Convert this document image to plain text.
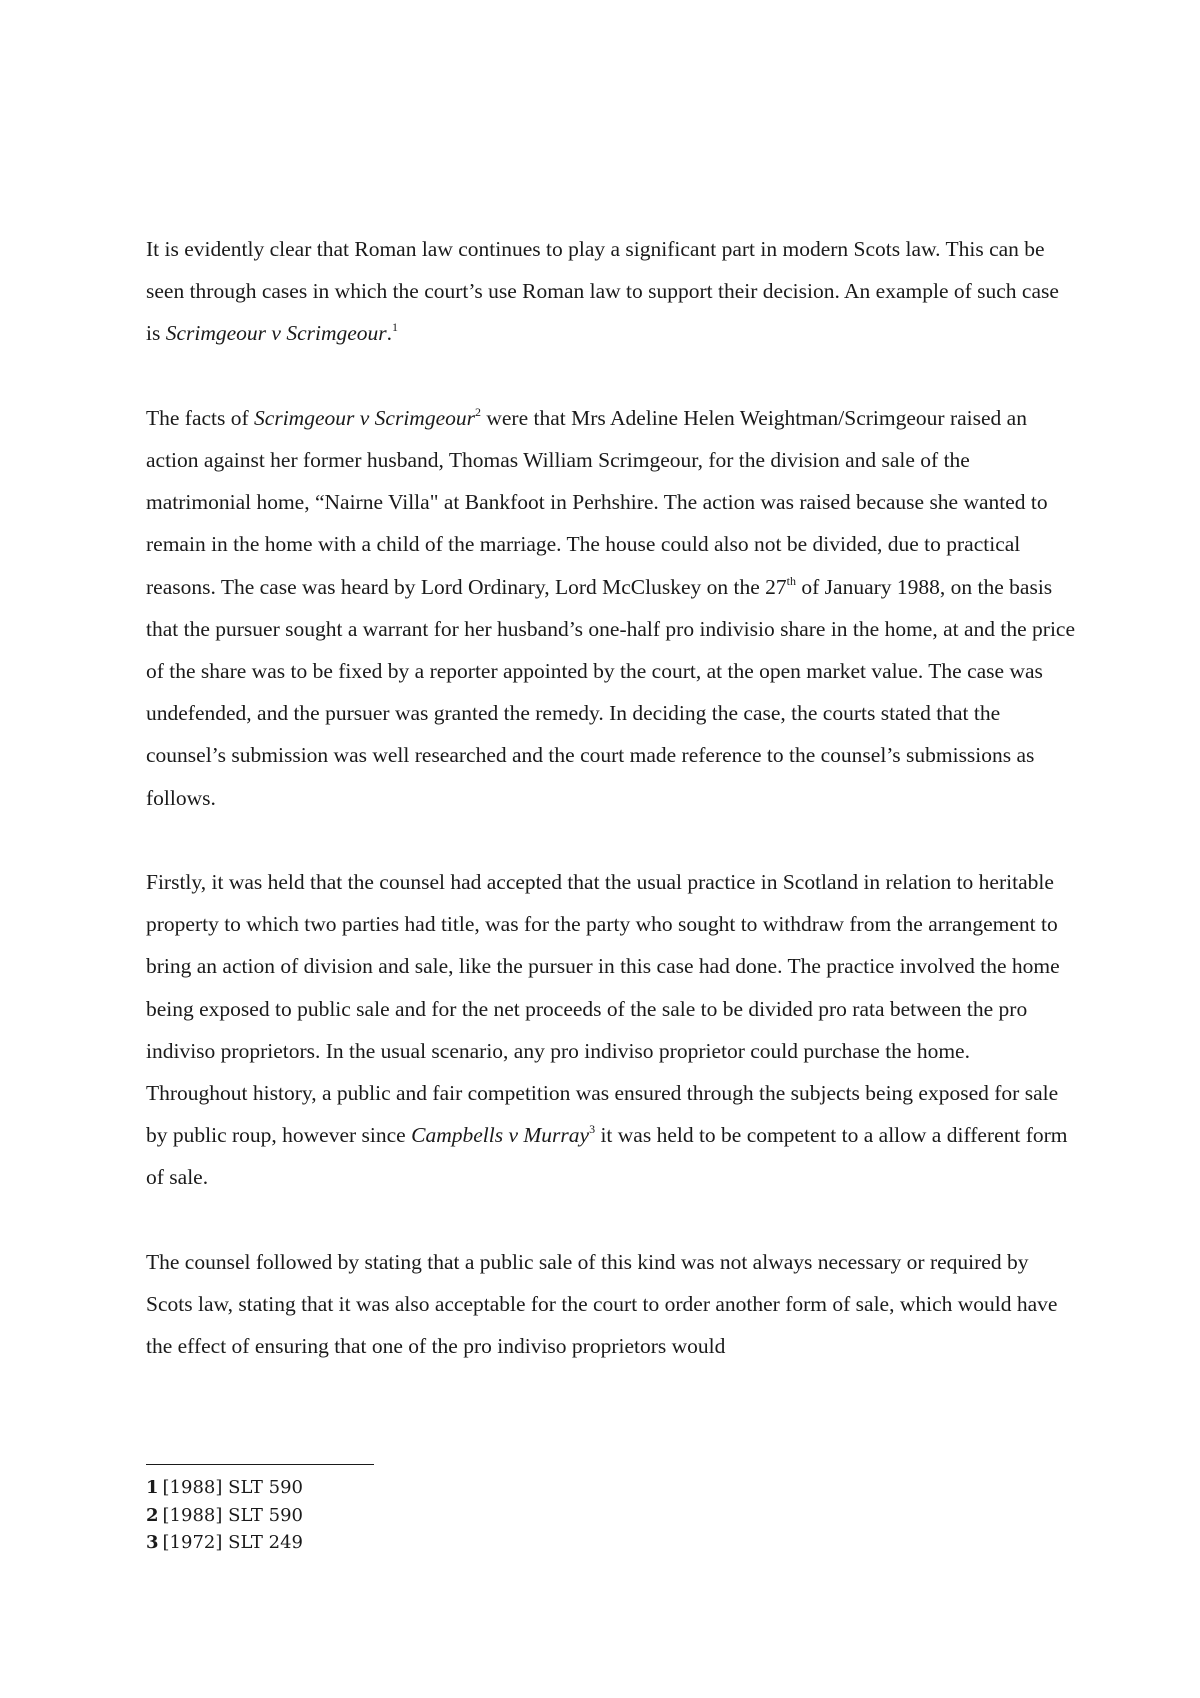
It is evidently clear that Roman law continues to play a significant part in modern Scots law. This can be seen through cases in which the court’s use Roman law to support their decision. An example of such case is Scrimgeour v Scrimgeour.$^1$

The facts of Scrimgeour v Scrimgeour$^2$ were that Mrs Adeline Helen Weightman/Scrimgeour raised an action against her former husband, Thomas William Scrimgeour, for the division and sale of the matrimonial home, “Nairne Villa" at Bankfoot in Perhshire. The action was raised because she wanted to remain in the home with a child of the marriage. The house could also not be divided, due to practical reasons. The case was heard by Lord Ordinary, Lord McCluskey on the 27th of January 1988, on the basis that the pursuer sought a warrant for her husband’s one-half pro indivisio share in the home, at and the price of the share was to be fixed by a reporter appointed by the court, at the open market value. The case was undefended, and the pursuer was granted the remedy. In deciding the case, the courts stated that the counsel’s submission was well researched and the court made reference to the counsel’s submissions as follows.

Firstly, it was held that the counsel had accepted that the usual practice in Scotland in relation to heritable property to which two parties had title, was for the party who sought to withdraw from the arrangement to bring an action of division and sale, like the pursuer in this case had done. The practice involved the home being exposed to public sale and for the net proceeds of the sale to be divided pro rata between the pro indiviso proprietors. In the usual scenario, any pro indiviso proprietor could purchase the home. Throughout history, a public and fair competition was ensured through the subjects being exposed for sale by public roup, however since Campbells v Murray$^3$ it was held to be competent to a allow a different form of sale.

The counsel followed by stating that a public sale of this kind was not always necessary or required by Scots law, stating that it was also acceptable for the court to order another form of sale, which would have the effect of ensuring that one of the pro indiviso proprietors would

1 [1988] SLT 590
2 [1988] SLT 590
3 [1972] SLT 249
